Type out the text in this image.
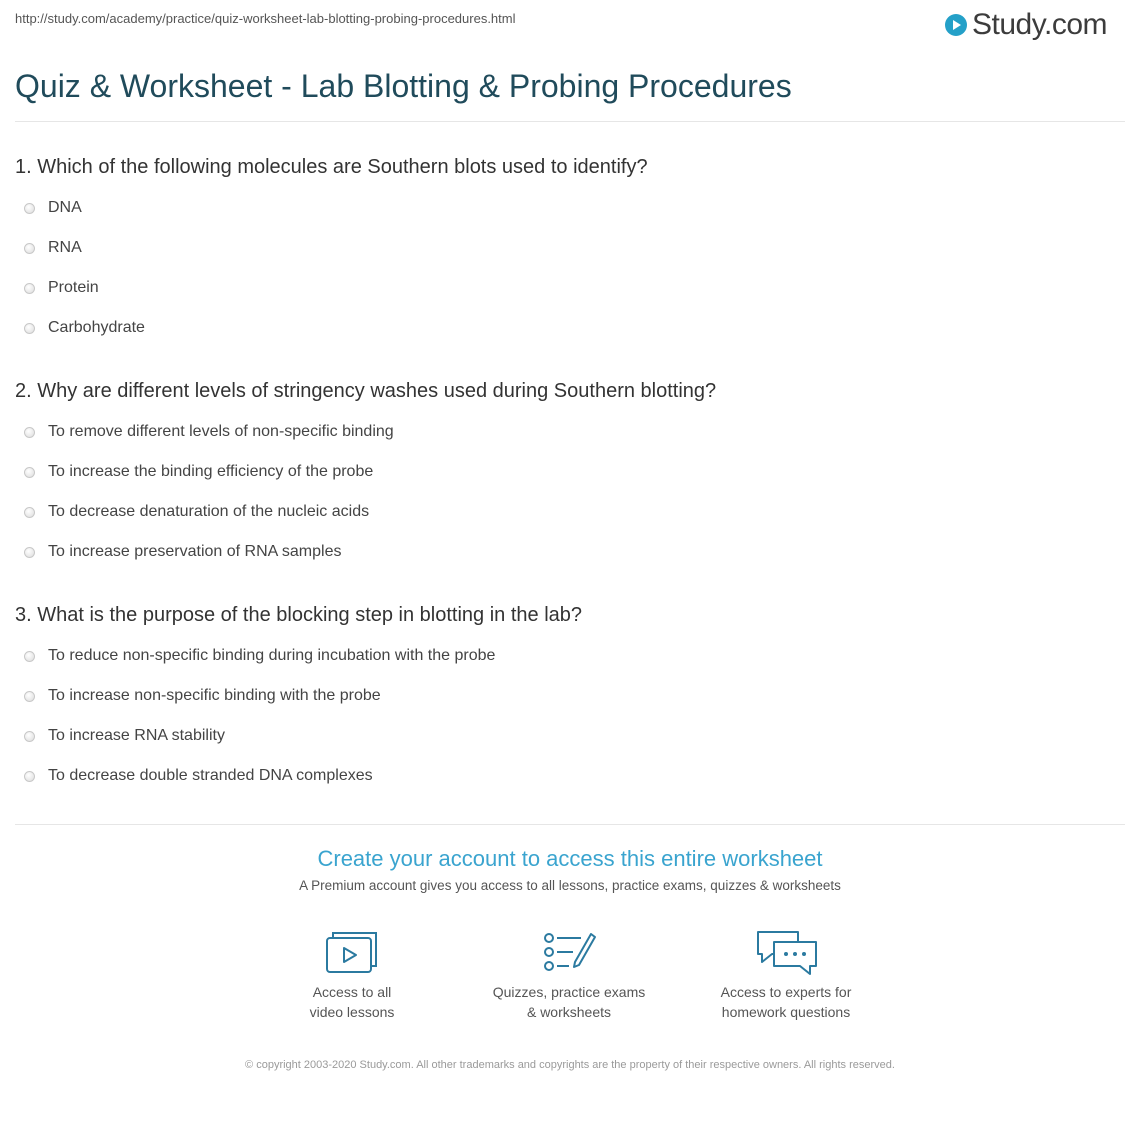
http://study.com/academy/practice/quiz-worksheet-lab-blotting-probing-procedures.html	Study.com
Quiz & Worksheet - Lab Blotting & Probing Procedures

1. Which of the following molecules are Southern blots used to identify?

DNA
RNA
Protein
Carbohydrate

2. Why are different levels of stringency washes used during Southern blotting?

To remove different levels of non-specific binding
To increase the binding efficiency of the probe
To decrease denaturation of the nucleic acids
To increase preservation of RNA samples

3. What is the purpose of the blocking step in blotting in the lab?

To reduce non-specific binding during incubation with the probe
To increase non-specific binding with the probe
To increase RNA stability
To decrease double stranded DNA complexes

Create your account to access this entire worksheet

A Premium account gives you access to all lessons, practice exams, quizzes & worksheets
Access to all
video lessons
Quizzes, practice exams
& worksheets
Access to experts for
homework questions
© copyright 2003-2020 Study.com. All other trademarks and copyrights are the property of their respective owners. All rights reserved.
